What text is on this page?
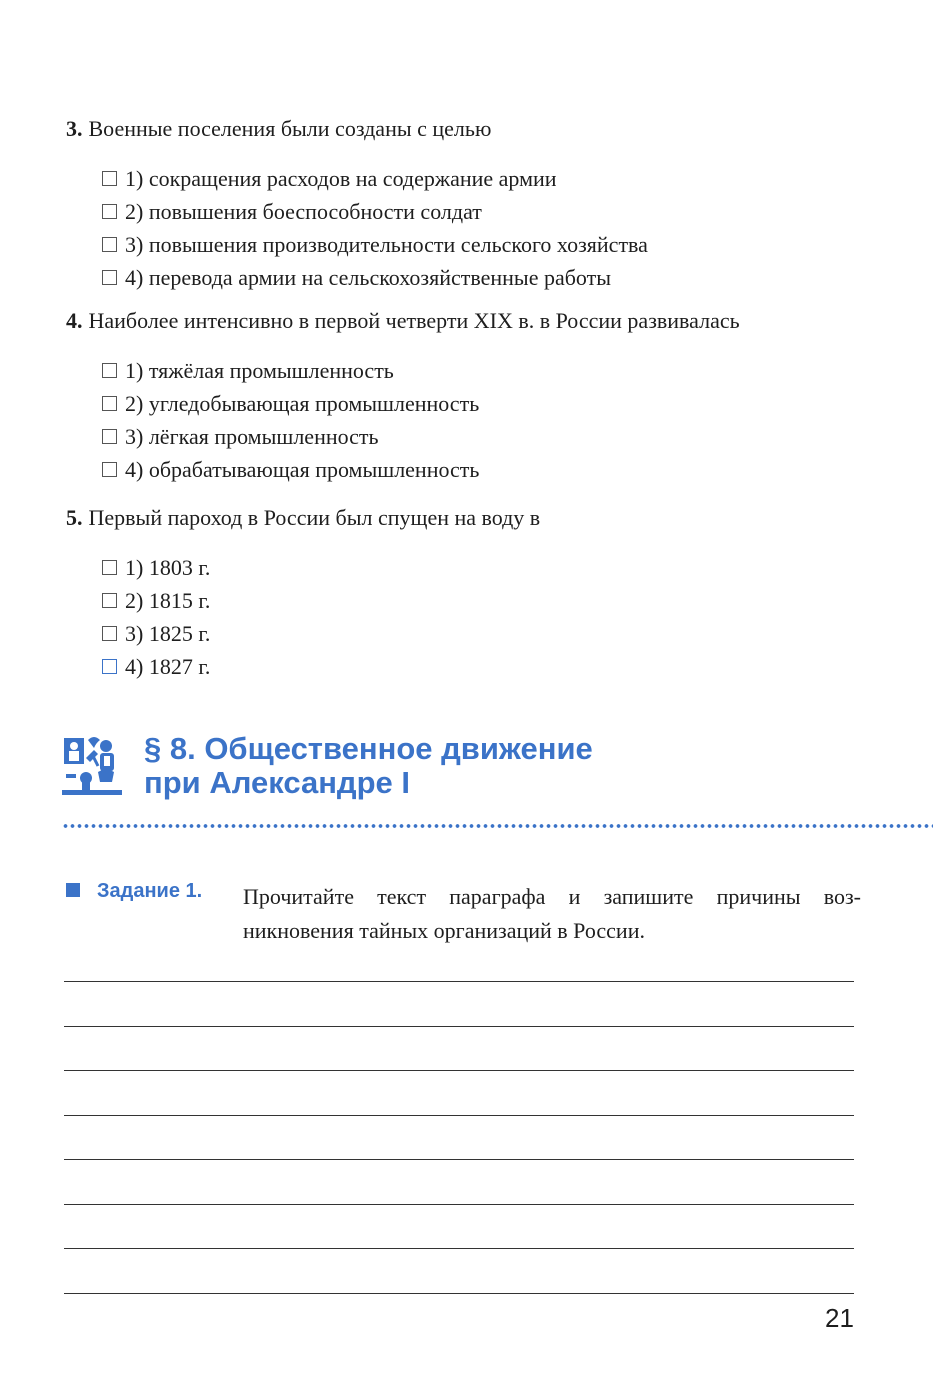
3. Военные поселения были созданы с целью

1) сокращения расходов на содержание армии
2) повышения боеспособности солдат
3) повышения производительности сельского хозяйства
4) перевода армии на сельскохозяйственные работы

4. Наиболее интенсивно в первой четверти XIX в. в России развивалась

1) тяжёлая промышленность
2) угледобывающая промышленность
3) лёгкая промышленность
4) обрабатывающая промышленность

5. Первый пароход в России был спущен на воду в

1) 1803 г.
2) 1815 г.
3) 1825 г.
4) 1827 г.

§ 8. Общественное движение

при Александре I

Задание 1. Прочитайте текст параграфа и запишите причины воз-
никновения тайных организаций в России.
21
